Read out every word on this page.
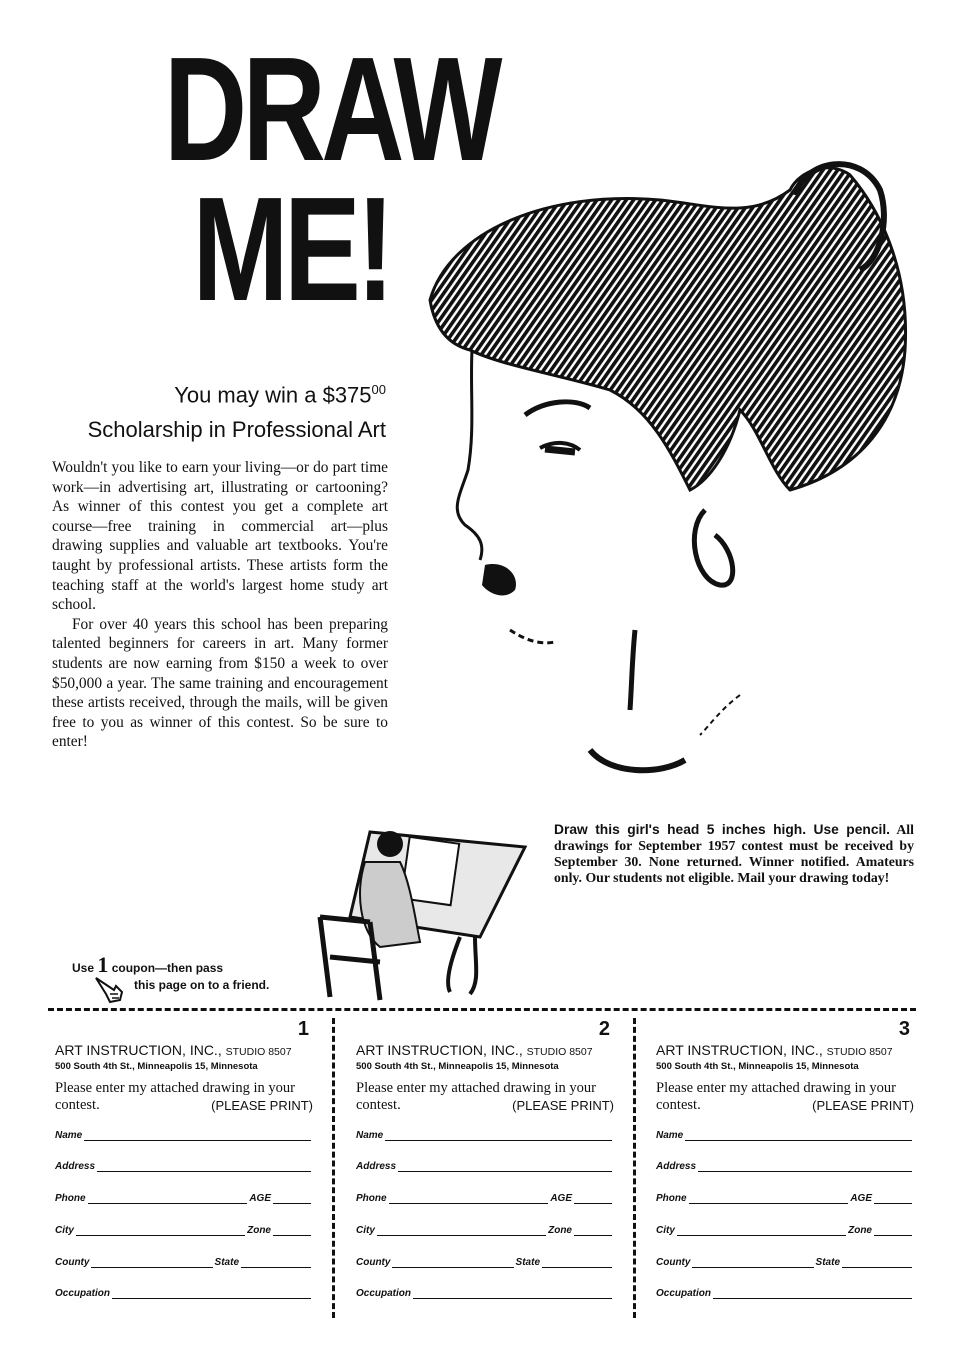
DRAW
ME!
You may win a $\$375^{00}$
Scholarship in Professional Art

Wouldn't you like to earn your living—or do part time work—in advertising art, illustrating or cartooning? As winner of this contest you get a complete art course—free training in commercial art—plus drawing supplies and valuable art textbooks. You're taught by professional artists. These artists form the teaching staff at the world's largest home study art school.

For over 40 years this school has been preparing talented beginners for careers in art. Many former students are now earning from $150 a week to over $50,000 a year. The same training and encouragement these artists received, through the mails, will be given free to you as winner of this contest. So be sure to enter!

Draw this girl's head 5 inches high. Use pencil. All drawings for September 1957 contest must be received by September 30. None returned. Winner notified. Amateurs only. Our students not eligible. Mail your drawing today!
Use 1 coupon—then pass
this page on to a friend.
1
ART INSTRUCTION, INC., STUDIO 8507
500 South 4th St., Minneapolis 15, Minnesota
Please enter my attached drawing in your contest.	(PLEASE PRINT)
Name
Address
Phone	AGE
City	Zone
County	State
Occupation
2
ART INSTRUCTION, INC., STUDIO 8507
500 South 4th St., Minneapolis 15, Minnesota
Please enter my attached drawing in your contest.	(PLEASE PRINT)
Name
Address
Phone	AGE
City	Zone
County	State
Occupation
3
ART INSTRUCTION, INC., STUDIO 8507
500 South 4th St., Minneapolis 15, Minnesota
Please enter my attached drawing in your contest.	(PLEASE PRINT)
Name
Address
Phone	AGE
City	Zone
County	State
Occupation
